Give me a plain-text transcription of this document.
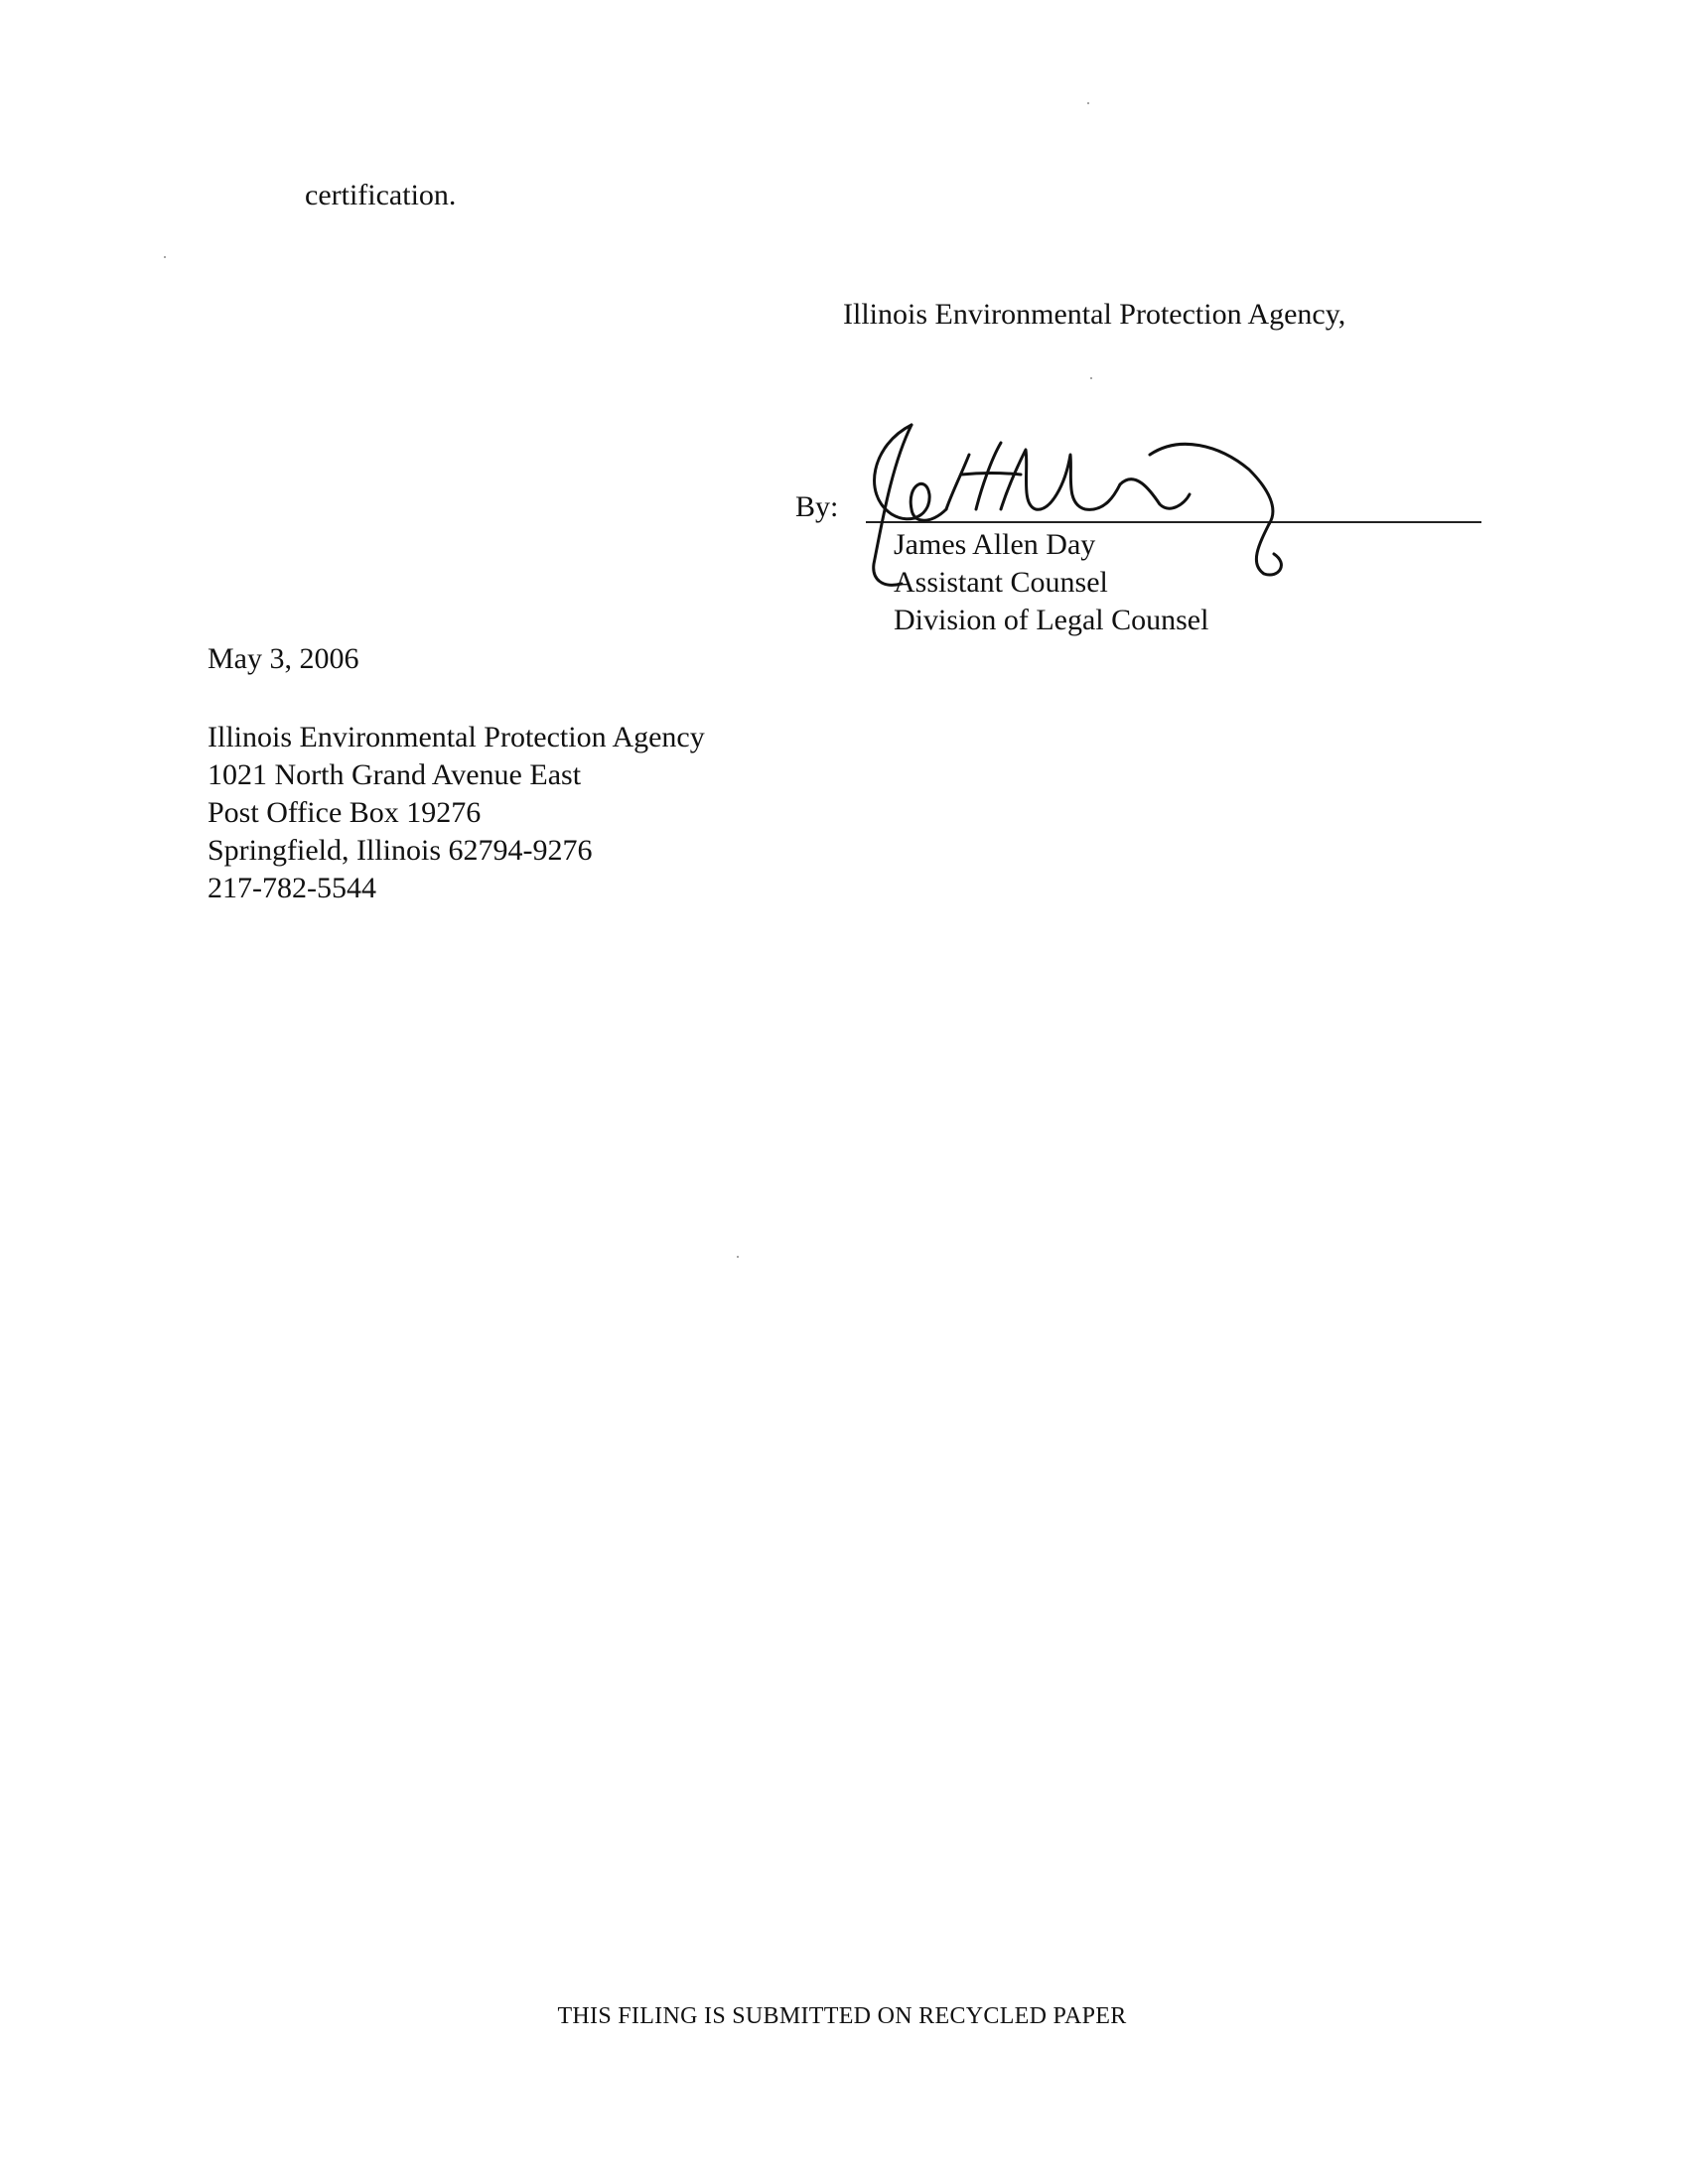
certification.
Illinois Environmental Protection Agency,
By:
James Allen Day
Assistant Counsel
Division of Legal Counsel
May 3, 2006
Illinois Environmental Protection Agency
1021 North Grand Avenue East
Post Office Box 19276
Springfield, Illinois 62794-9276
217-782-5544
THIS FILING IS SUBMITTED ON RECYCLED PAPER
